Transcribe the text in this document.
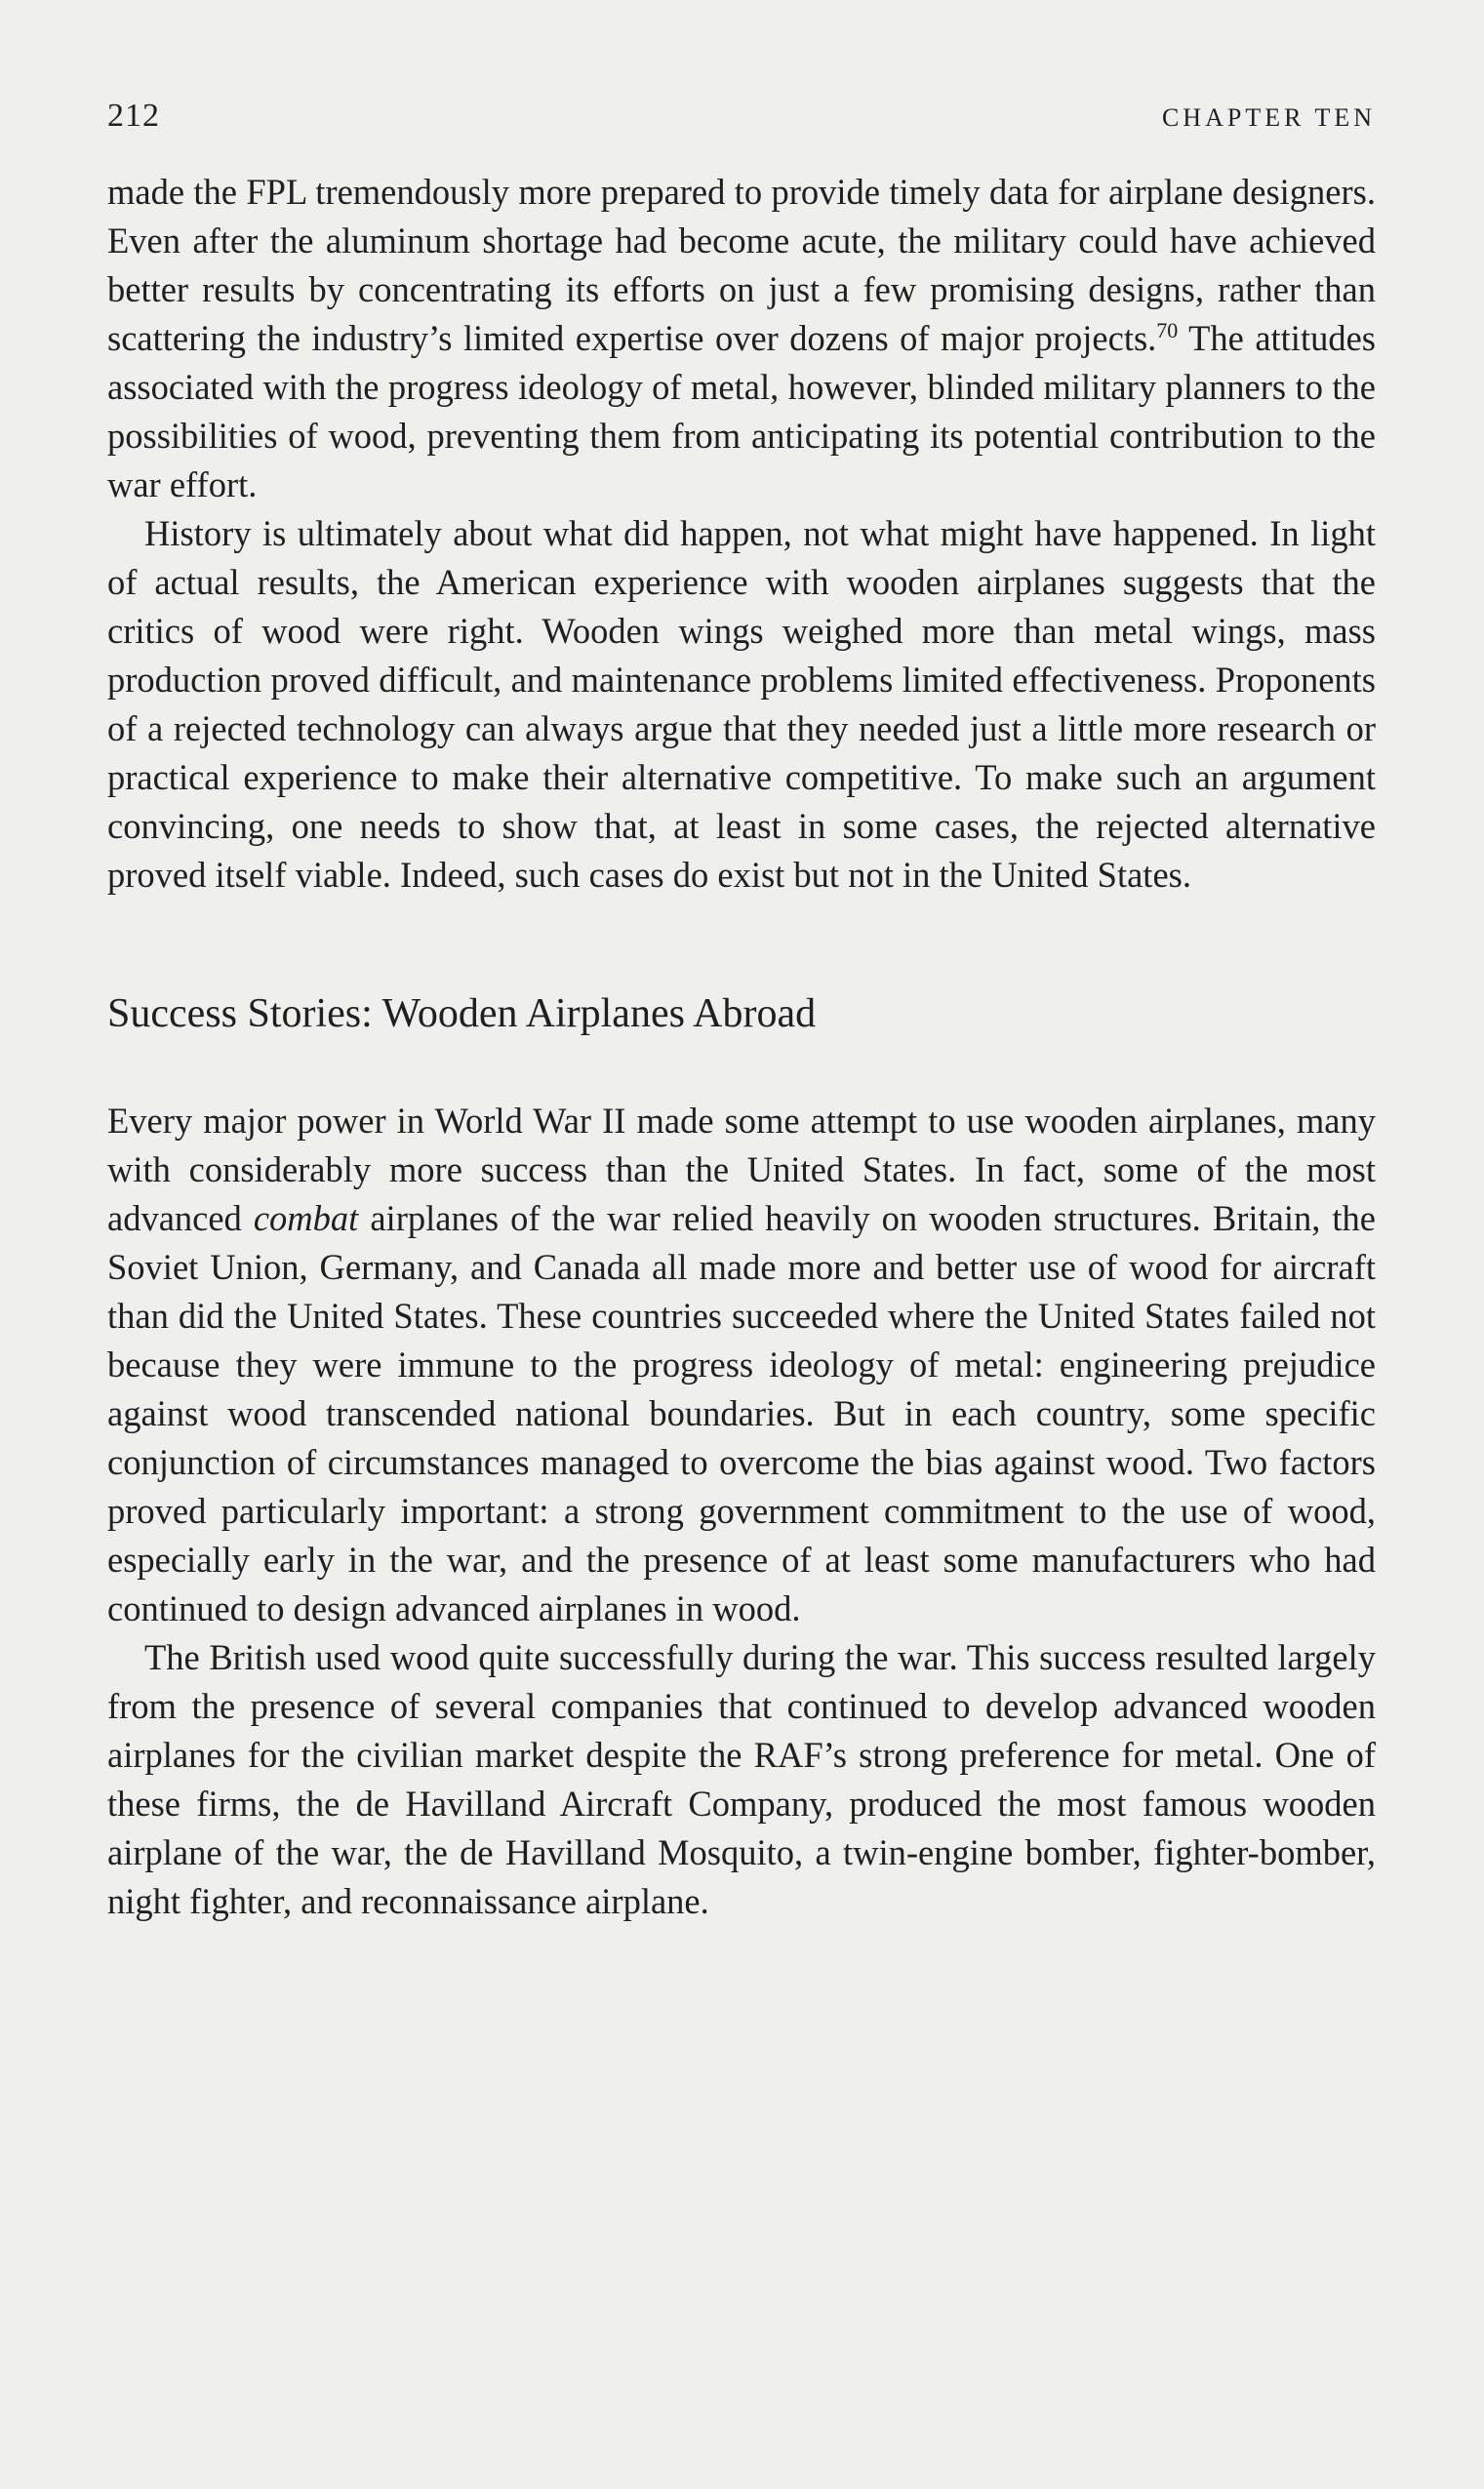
212	CHAPTER TEN

made the FPL tremendously more prepared to provide timely data for airplane designers. Even after the aluminum shortage had become acute, the military could have achieved better results by concentrating its efforts on just a few promising designs, rather than scattering the industry’s limited expertise over dozens of major projects.$^{70}$ The attitudes associated with the progress ideology of metal, however, blinded military planners to the possibilities of wood, preventing them from anticipating its potential contribution to the war effort.

History is ultimately about what did happen, not what might have happened. In light of actual results, the American experience with wooden airplanes suggests that the critics of wood were right. Wooden wings weighed more than metal wings, mass production proved difficult, and maintenance problems limited effectiveness. Proponents of a rejected technology can always argue that they needed just a little more research or practical experience to make their alternative competitive. To make such an argument convincing, one needs to show that, at least in some cases, the rejected alternative proved itself viable. Indeed, such cases do exist but not in the United States.

Success Stories: Wooden Airplanes Abroad

Every major power in World War II made some attempt to use wooden airplanes, many with considerably more success than the United States. In fact, some of the most advanced combat airplanes of the war relied heavily on wooden structures. Britain, the Soviet Union, Germany, and Canada all made more and better use of wood for aircraft than did the United States. These countries succeeded where the United States failed not because they were immune to the progress ideology of metal: engineering prejudice against wood transcended national boundaries. But in each country, some specific conjunction of circumstances managed to overcome the bias against wood. Two factors proved particularly important: a strong government commitment to the use of wood, especially early in the war, and the presence of at least some manufacturers who had continued to design advanced airplanes in wood.

The British used wood quite successfully during the war. This success resulted largely from the presence of several companies that continued to develop advanced wooden airplanes for the civilian market despite the RAF’s strong preference for metal. One of these firms, the de Havilland Aircraft Company, produced the most famous wooden airplane of the war, the de Havilland Mosquito, a twin-engine bomber, fighter-bomber, night fighter, and reconnaissance airplane.
